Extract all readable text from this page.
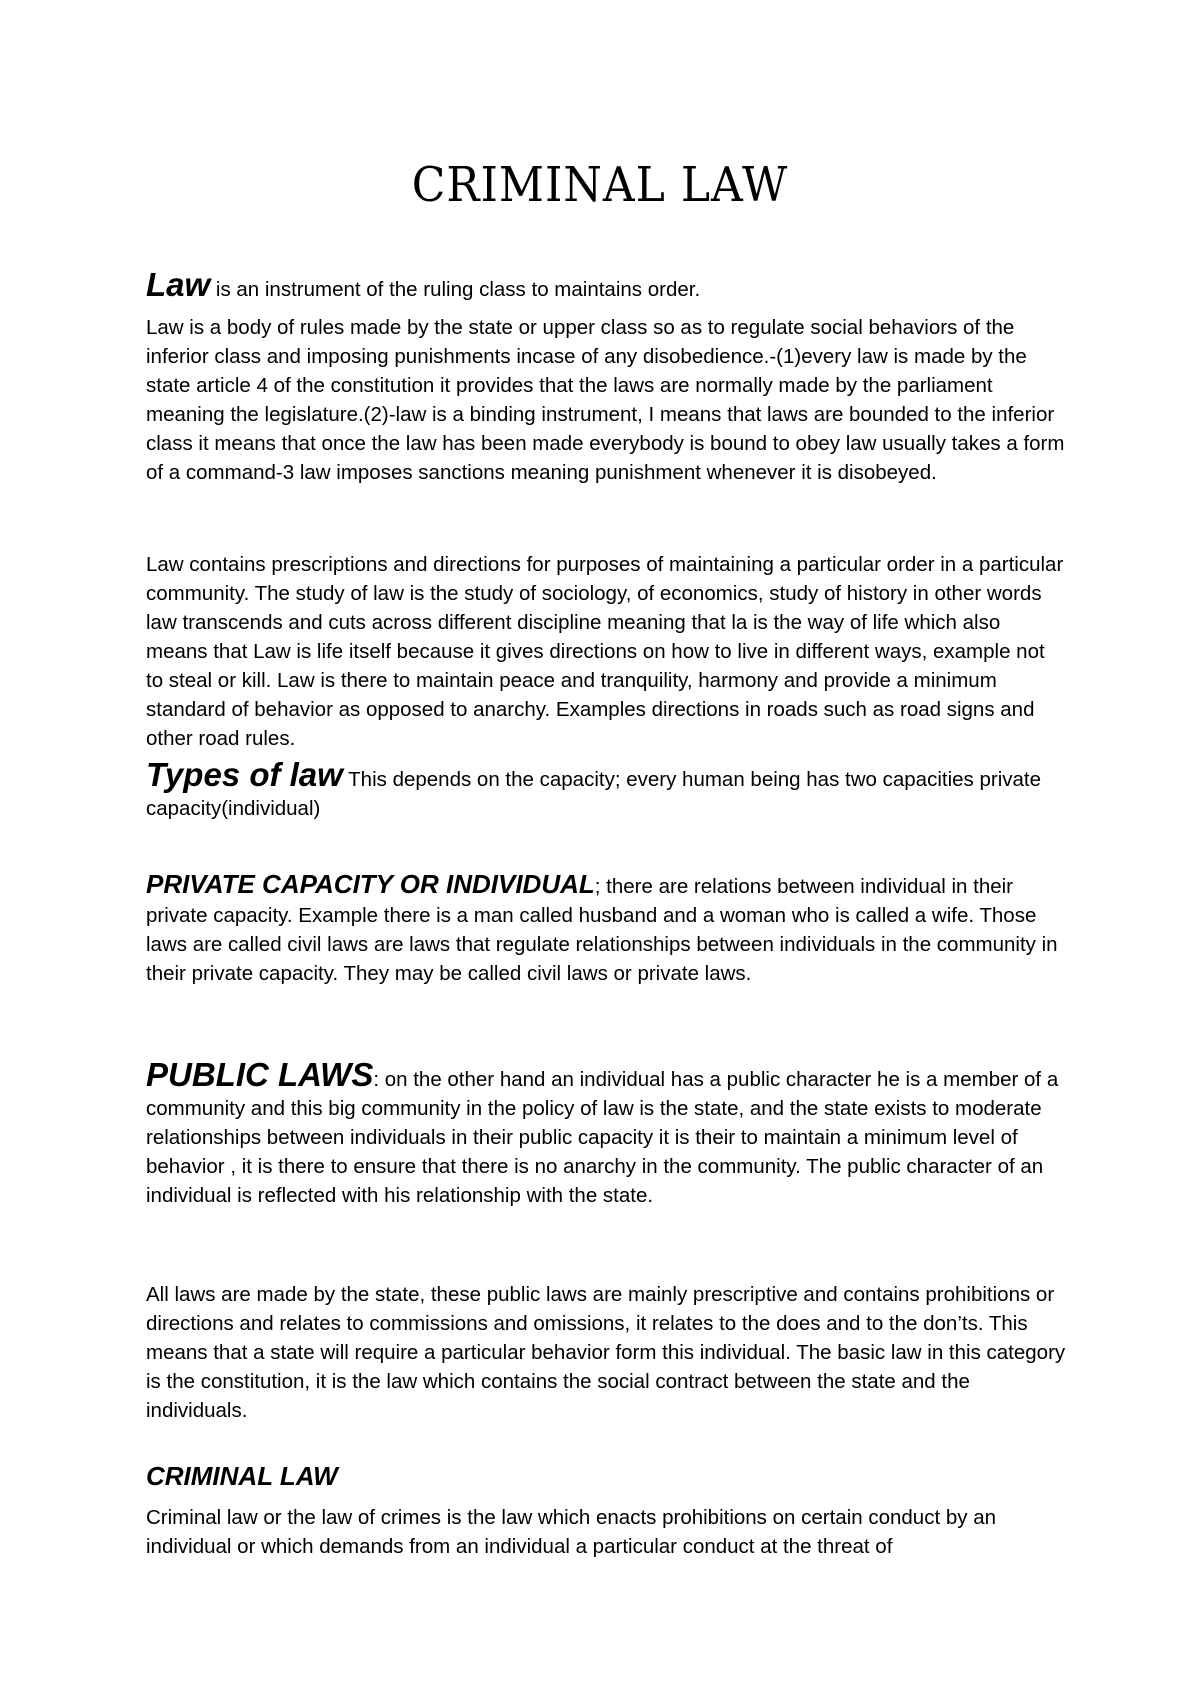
CRIMINAL LAW
Law is an instrument of the ruling class to maintains order.
Law is a body of rules made by the state or upper class so as to regulate social behaviors of the inferior class and imposing punishments incase of any disobedience.-(1)every law is made by the state article 4 of the constitution it provides that the laws are normally made by the parliament meaning the legislature.(2)-law is a binding instrument, I means that laws are bounded to the inferior class it means that once the law has been made everybody is bound to obey law usually takes a form of a command-3 law imposes sanctions meaning punishment whenever it is disobeyed.
Law contains prescriptions and directions for purposes of maintaining a particular order in a particular community. The study of law is the study of sociology, of economics, study of history in other words law transcends and cuts across different discipline meaning that la is the way of life which also means that Law is life itself because it gives directions on how to live in different ways, example not to steal or kill. Law is there to maintain peace and tranquility, harmony and provide a minimum standard of behavior as opposed to anarchy. Examples directions in roads such as road signs and other road rules.
Types of law This depends on the capacity; every human being has two capacities private capacity(individual)
PRIVATE CAPACITY OR INDIVIDUAL; there are relations between individual in their private capacity. Example there is a man called husband and a woman who is called a wife. Those laws are called civil laws are laws that regulate relationships between individuals in the community in their private capacity. They may be called civil laws or private laws.
PUBLIC LAWS: on the other hand an individual has a public character he is a member of a community and this big community in the policy of law is the state, and the state exists to moderate relationships between individuals in their public capacity it is their to maintain a minimum level of behavior , it is there to ensure that there is no anarchy in the community. The public character of an individual is reflected with his relationship with the state.
All laws are made by the state, these public laws are mainly prescriptive and contains prohibitions or directions and relates to commissions and omissions, it relates to the does and to the don’ts. This means that a state will require a particular behavior form this individual. The basic law in this category is the constitution, it is the law which contains the social contract between the state and the individuals.
CRIMINAL LAW
Criminal law or the law of crimes is the law which enacts prohibitions on certain conduct by an individual or which demands from an individual a particular conduct at the threat of
